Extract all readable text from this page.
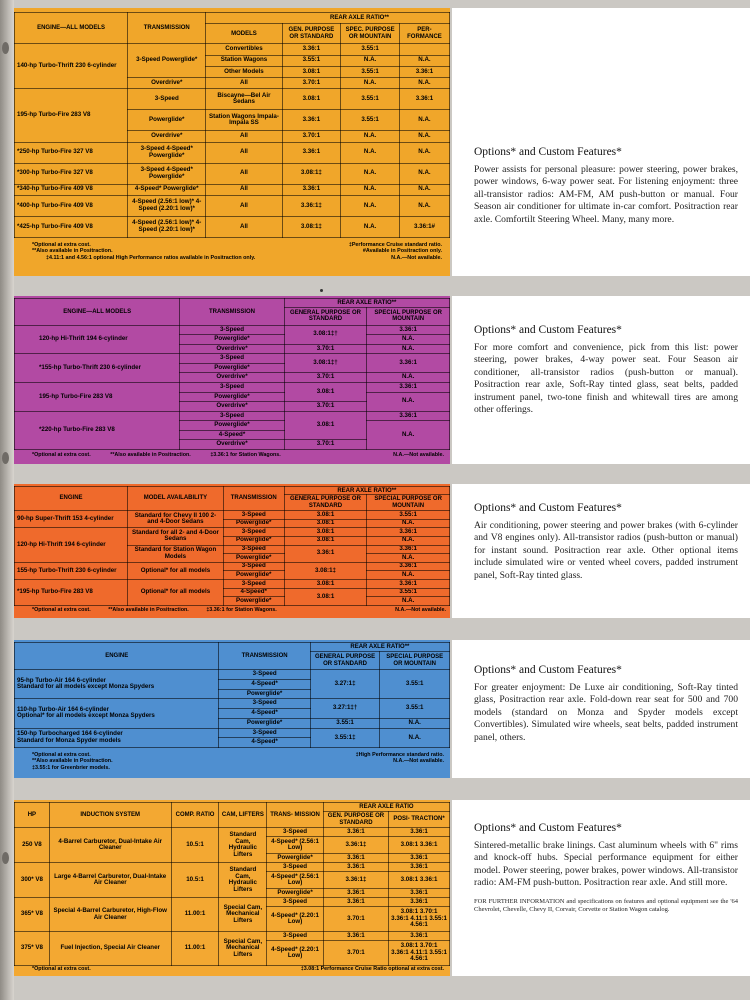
ENGINE—ALL MODELS	TRANSMISSION	REAR AXLE RATIO**			
		MODELS	GEN. PURPOSE OR STANDARD	SPEC. PURPOSE OR MOUNTAIN	PER- FORMANCE
140-hp Turbo-Thrift 230 6-cylinder	3-Speed Powerglide*	Convertibles	3.36:1	3.55:1	
		Station Wagons	3.55:1	N.A.	N.A.
		Other Models	3.08:1	3.55:1	3.36:1
	Overdrive*	All	3.70:1	N.A.	N.A.
195-hp Turbo-Fire 283 V8	3-Speed	Biscayne—Bel Air Sedans	3.08:1	3.55:1	3.36:1
	Powerglide*	Station Wagons Impala-Impala SS	3.36:1	3.55:1	N.A.
	Overdrive*	All	3.70:1	N.A.	N.A.
*250-hp Turbo-Fire 327 V8	3-Speed 4-Speed* Powerglide*	All	3.36:1	N.A.	N.A.
*300-hp Turbo-Fire 327 V8	3-Speed 4-Speed* Powerglide*	All	3.08:1‡	N.A.	N.A.
*340-hp Turbo-Fire 409 V8	4-Speed* Powerglide*	All	3.36:1	N.A.	N.A.
*400-hp Turbo-Fire 409 V8	4-Speed (2.56:1 low)* 4-Speed (2.20:1 low)*	All	3.36:1‡	N.A.	N.A.
*425-hp Turbo-Fire 409 V8	4-Speed (2.56:1 low)* 4-Speed (2.20:1 low)*	All	3.08:1‡	N.A.	3.36:1#
*Optional at extra cost.
**Also available in Positraction.
‡4.11:1 and 4.56:1 optional High Performance ratios available in Positraction only.
‡Performance Cruise standard ratio.
#Available in Positraction only.
N.A.—Not available.
Options* and Custom Features*

Power assists for personal pleasure: power steering, power brakes, power windows, 6-way power seat. For listening enjoyment: three all-transistor radios: AM-FM, AM push-button or manual. Four Season air conditioner for ultimate in-car comfort. Positraction rear axle. Comfortilt Steering Wheel. Many, many more.

ENGINE—ALL MODELS	TRANSMISSION	REAR AXLE RATIO**	
		GENERAL PURPOSE OR STANDARD	SPECIAL PURPOSE OR MOUNTAIN
120-hp Hi-Thrift 194 6-cylinder	3-Speed	3.08:1‡†	3.36:1
	Powerglide*		N.A.
	Overdrive*	3.70:1	N.A.
*155-hp Turbo-Thrift 230 6-cylinder	3-Speed	3.08:1‡†	3.36:1
	Powerglide*		
	Overdrive*	3.70:1	N.A.
195-hp Turbo-Fire 283 V8	3-Speed	3.08:1	3.36:1
	Powerglide*		N.A.
	Overdrive*	3.70:1	
*220-hp Turbo-Fire 283 V8	3-Speed	3.08:1	3.36:1
	Powerglide*		N.A.
	4-Speed*		
	Overdrive*	3.70:1	
*Optional at extra cost.	**Also available in Positraction.	‡3.36:1 for Station Wagons.	N.A.—Not available.
Options* and Custom Features*

For more comfort and convenience, pick from this list: power steering, power brakes, 4-way power seat. Four Season air conditioner, all-transistor radios (push-button or manual). Positraction rear axle, Soft-Ray tinted glass, seat belts, padded instrument panel, two-tone finish and whitewall tires are among other offerings.

ENGINE	MODEL AVAILABILITY	TRANSMISSION	REAR AXLE RATIO**	
			GENERAL PURPOSE OR STANDARD	SPECIAL PURPOSE OR MOUNTAIN
90-hp Super-Thrift 153 4-cylinder	Standard for Chevy II 100 2- and 4-Door Sedans	3-Speed	3.08:1	3.55:1
		Powerglide*	3.08:1	N.A.
120-hp Hi-Thrift 194 6-cylinder	Standard for all 2- and 4-Door Sedans	3-Speed	3.08:1	3.36:1
		Powerglide*	3.08:1	N.A.
	Standard for Station Wagon Models	3-Speed	3.36:1	3.36:1
		Powerglide*		N.A.
155-hp Turbo-Thrift 230 6-cylinder	Optional* for all models	3-Speed	3.08:1‡	3.36:1
		Powerglide*		N.A.
*195-hp Turbo-Fire 283 V8	Optional* for all models	3-Speed	3.08:1	3.36:1
		4-Speed*	3.08:1	3.55:1
		Powerglide*		N.A.
*Optional at extra cost.	**Also available in Positraction.	‡3.36:1 for Station Wagons.	N.A.—Not available.
Options* and Custom Features*

Air conditioning, power steering and power brakes (with 6-cylinder and V8 engines only). All-transistor radios (push-button or manual) for instant sound. Positraction rear axle. Other optional items include simulated wire or vented wheel covers, padded instrument panel, Soft-Ray tinted glass.

ENGINE	TRANSMISSION	REAR AXLE RATIO**	
		GENERAL PURPOSE OR STANDARD	SPECIAL PURPOSE OR MOUNTAIN

95-hp Turbo-Air 164 6-cylinder
Standard for all models except Monza Spyders	3-Speed	3.27:1‡	3.55:1
	4-Speed*		
	Powerglide*		

110-hp Turbo-Air 164 6-cylinder
Optional* for all models except Monza Spyders	3-Speed	3.27:1‡†	3.55:1
	4-Speed*		
	Powerglide*	3.55:1	N.A.

150-hp Turbocharged 164 6-cylinder
Standard for Monza Spyder models	3-Speed	3.55:1‡	N.A.
	4-Speed*		
*Optional at extra cost.
**Also available in Positraction.
‡3.55:1 for Greenbrier models.
‡High Performance standard ratio.
N.A.—Not available.
Options* and Custom Features*

For greater enjoyment: De Luxe air conditioning, Soft-Ray tinted glass, Positraction rear axle. Fold-down rear seat for 500 and 700 models (standard on Monza and Spyder models except Convertibles). Simulated wire wheels, seat belts, padded instrument panel, others.

HP	INDUCTION SYSTEM	COMP. RATIO	CAM, LIFTERS	TRANS- MISSION	REAR AXLE RATIO	
					GEN. PURPOSE OR STANDARD	POSI- TRACTION*
250 V8	4-Barrel Carburetor, Dual-Intake Air Cleaner	10.5:1	Standard Cam, Hydraulic Lifters	3-Speed	3.36:1	3.36:1
				4-Speed* (2.56:1 Low)	3.36:1‡	3.08:1 3.36:1
				Powerglide*	3.36:1	3.36:1
300* V8	Large 4-Barrel Carburetor, Dual-Intake Air Cleaner	10.5:1	Standard Cam, Hydraulic Lifters	3-Speed	3.36:1	3.36:1
				4-Speed* (2.56:1 Low)	3.36:1‡	3.08:1 3.36:1
				Powerglide*	3.36:1	3.36:1
365* V8	Special 4-Barrel Carburetor, High-Flow Air Cleaner	11.00:1	Special Cam, Mechanical Lifters	3-Speed	3.36:1	3.36:1
				4-Speed* (2.20:1 Low)	3.70:1	3.08:1 3.70:1 3.36:1 4.11:1 3.55:1 4.56:1
375* V8	Fuel Injection, Special Air Cleaner	11.00:1	Special Cam, Mechanical Lifters	3-Speed	3.36:1	3.36:1
				4-Speed* (2.20:1 Low)	3.70:1	3.08:1 3.70:1 3.36:1 4.11:1 3.55:1 4.56:1
*Optional at extra cost.	‡3.08:1 Performance Cruise Ratio optional at extra cost.
Options* and Custom Features*

Sintered-metallic brake linings. Cast aluminum wheels with 6" rims and knock-off hubs. Special performance equipment for either model. Power steering, power brakes, power windows. All-transistor radio: AM-FM push-button. Positraction rear axle. And still more.

FOR FURTHER INFORMATION and specifications on features and optional equipment see the '64 Chevrolet, Chevelle, Chevy II, Corvair, Corvette or Station Wagon catalog.
